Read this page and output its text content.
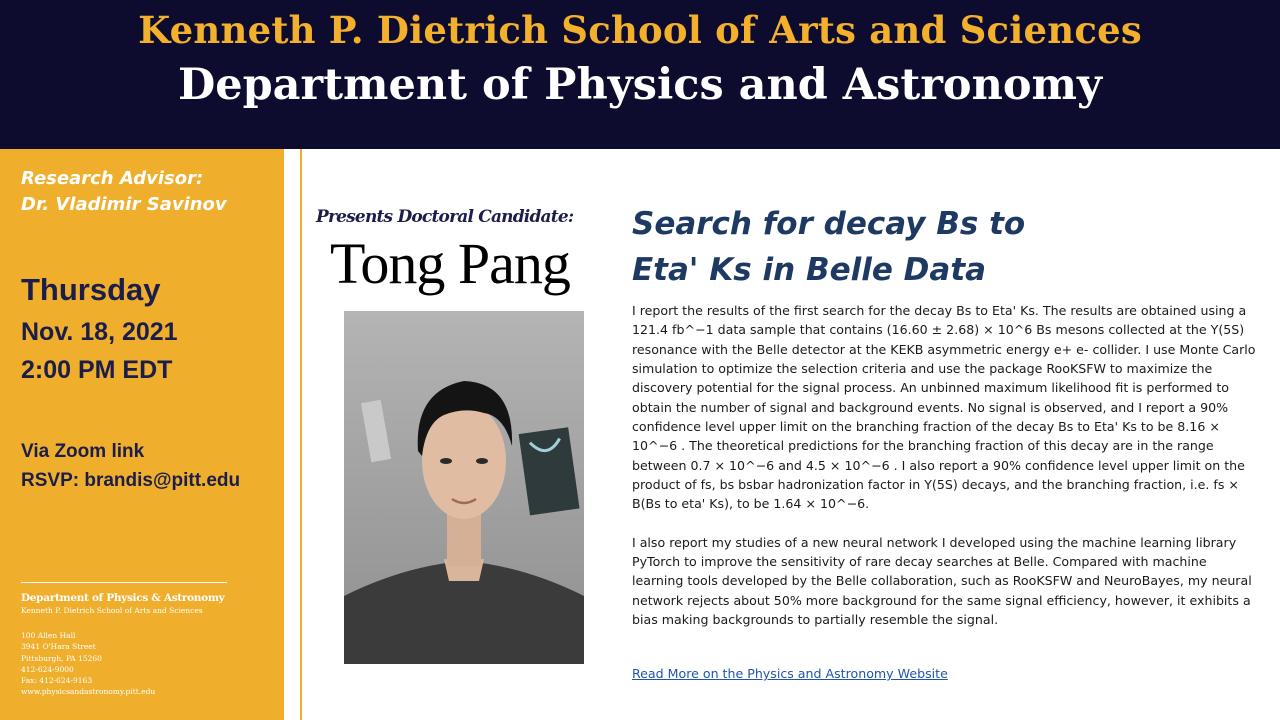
Kenneth P. Dietrich School of Arts and Sciences
Department of Physics and Astronomy
Research Advisor:
Dr. Vladimir Savinov
Thursday
Nov. 18, 2021
2:00 PM EDT
Via Zoom link
RSVP: brandis@pitt.edu
Department of Physics & Astronomy
Kenneth P. Dietrich School of Arts and Sciences
100 Allen Hall
3941 O'Hara Street
Pittsburgh, PA 15260
412-624-9000
Fax: 412-624-9163
www.physicsandastronomy.pitt.edu
Presents Doctoral Candidate:
Tong Pang
Search for decay Bs to
Eta' Ks in Belle Data

I report the results of the first search for the decay Bs to Eta' Ks. The results are obtained using a 121.4 fb^−1 data sample that contains (16.60 ± 2.68) × 10^6 Bs mesons collected at the Y(5S) resonance with the Belle detector at the KEKB asymmetric energy e+ e- collider. I use Monte Carlo simulation to optimize the selection criteria and use the package RooKSFW to maximize the discovery potential for the signal process. An unbinned maximum likelihood fit is performed to obtain the number of signal and background events. No signal is observed, and I report a 90% confidence level upper limit on the branching fraction of the decay Bs to Eta' Ks to be 8.16 × 10^−6 . The theoretical predictions for the branching fraction of this decay are in the range between 0.7 × 10^−6 and 4.5 × 10^−6 . I also report a 90% confidence level upper limit on the product of fs, bs bsbar hadronization factor in Y(5S) decays, and the branching fraction, i.e. fs × B(Bs to eta' Ks), to be 1.64 × 10^−6.

I also report my studies of a new neural network I developed using the machine learning library PyTorch to improve the sensitivity of rare decay searches at Belle. Compared with machine learning tools developed by the Belle collaboration, such as RooKSFW and NeuroBayes, my neural network rejects about 50% more background for the same signal efficiency, however, it exhibits a bias making backgrounds to partially resemble the signal.

Read More on the Physics and Astronomy Website
